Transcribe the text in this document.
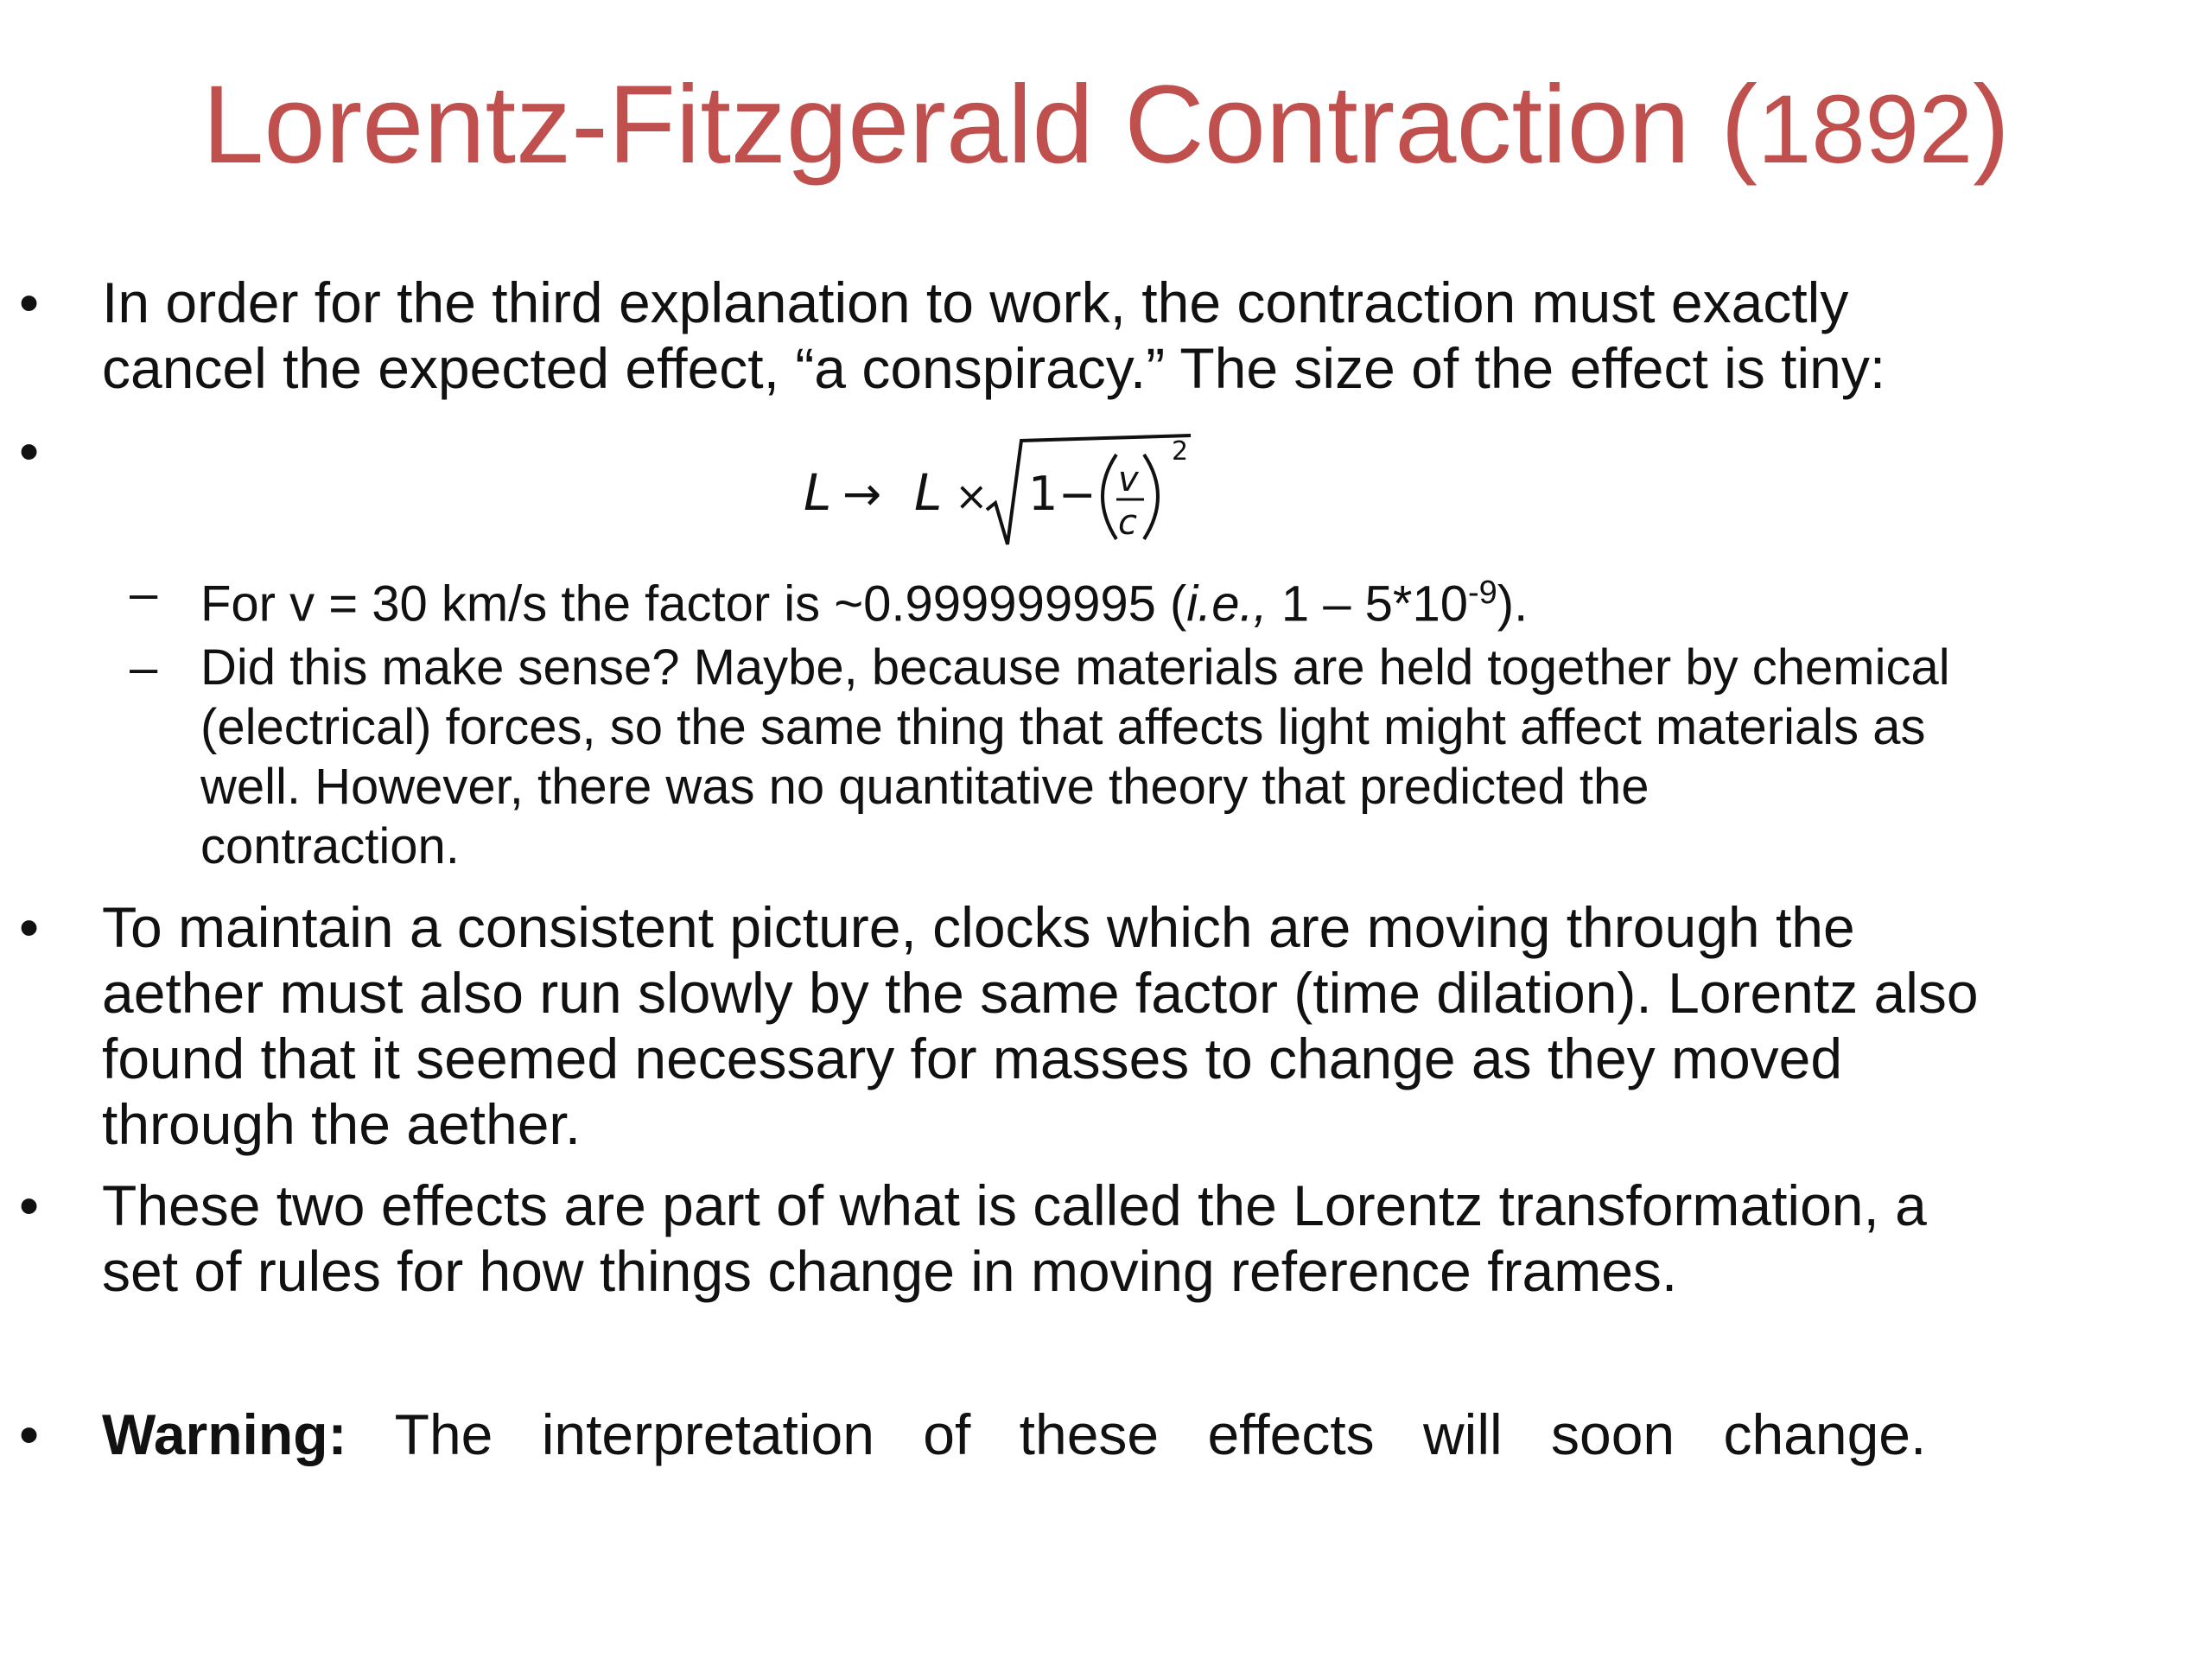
Lorentz-Fitzgerald Contraction (1892)
• In order for the third explanation to work, the contraction must exactly
cancel the expected effect, “a conspiracy.” The size of the effect is tiny:
•
L → L × 1 − v
c
2
– For v = 30 km/s the factor is ~0.999999995 (i.e., $1 - 5*10^{-9}$).
– Did this make sense? Maybe, because materials are held together by chemical
(electrical) forces, so the same thing that affects light might affect materials as
well. However, there was no quantitative theory that predicted the
contraction.
• To maintain a consistent picture, clocks which are moving through the
aether must also run slowly by the same factor (time dilation). Lorentz also
found that it seemed necessary for masses to change as they moved
through the aether.
• These two effects are part of what is called the Lorentz transformation, a
set of rules for how things change in moving reference frames.
• Warning: The interpretation of these effects will soon change.
